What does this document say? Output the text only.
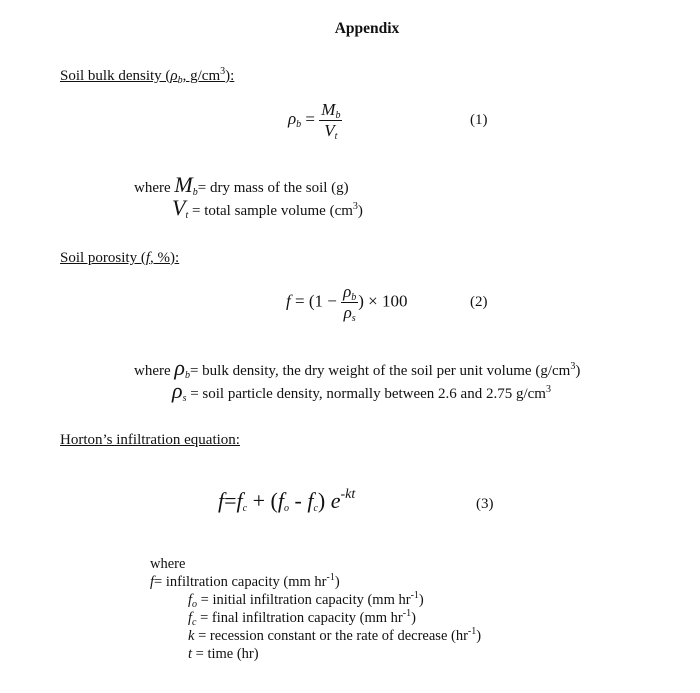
Appendix
Soil bulk density ($\rho_b$, $g/cm^3$):
$\rho_b = \frac{M_b}{V_t}$	(1)
where $M_b=$ dry mass of the soil (g)
$V_t$ = total sample volume $(cm^3)$
Soil porosity (f, %):
$f = (1 - \frac{\rho_b}{\rho_s}$ ) × 100	(2)
where $\rho_b=$ bulk density, the dry weight of the soil per unit volume $(g/cm^3)$
$\rho_s$ = soil particle density, normally between 2.6 and 2.75 $g/cm^3$
Horton’s infiltration equation:
$f=f_c + (f_o - f_c)$ $e^{-kt}$
(3)
where
f= infiltration capacity (mm $hr^{-1}$)
$f_o$ = initial infiltration capacity (mm $hr^{-1}$)
$f_c$ = final infiltration capacity (mm $hr^{-1}$)
k = recession constant or the rate of decrease $(hr^{-1})$
t = time (hr)
